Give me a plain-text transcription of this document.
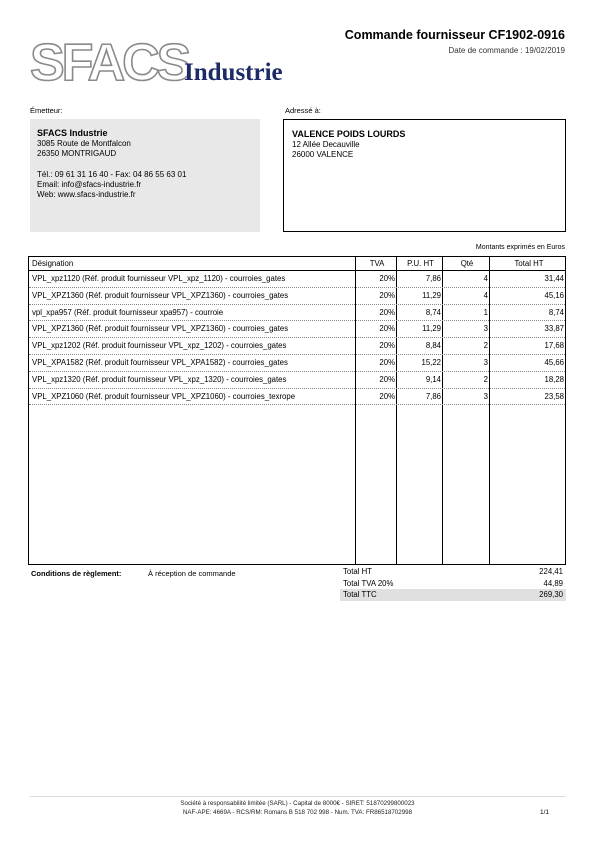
SFACS
Industrie
Commande fournisseur CF1902-0916
Date de commande : 19/02/2019
Émetteur:	Adressé à:
SFACS Industrie
3085 Route de Montfalcon
26350 MONTRIGAUD
Tél.: 09 61 31 16 40 - Fax: 04 86 55 63 01
Email: info@sfacs-industrie.fr
Web: www.sfacs-industrie.fr
VALENCE POIDS LOURDS
12 Allée Decauville
26000 VALENCE
Montants exprimés en Euros
Désignation	TVA	P.U. HT	Qté	Total HT
VPL_xpz1120 (Réf. produit fournisseur VPL_xpz_1120) - courroies_gates	20%	7,86	4	31,44
VPL_XPZ1360 (Réf. produit fournisseur VPL_XPZ1360) - courroies_gates	20%	11,29	4	45,16
vpl_xpa957 (Réf. produit fournisseur xpa957) - courroie	20%	8,74	1	8,74
VPL_XPZ1360 (Réf. produit fournisseur VPL_XPZ1360) - courroies_gates	20%	11,29	3	33,87
VPL_xpz1202 (Réf. produit fournisseur VPL_xpz_1202) - courroies_gates	20%	8,84	2	17,68
VPL_XPA1582 (Réf. produit fournisseur VPL_XPA1582) - courroies_gates	20%	15,22	3	45,66
VPL_xpz1320 (Réf. produit fournisseur VPL_xpz_1320) - courroies_gates	20%	9,14	2	18,28
VPL_XPZ1060 (Réf. produit fournisseur VPL_XPZ1060) - courroies_texrope	20%	7,86	3	23,58
Conditions de règlement:	À réception de commande	Total HT	224,41
Total TVA 20%	44,89
Total TTC	269,30
Société à responsabilité limitée (SARL) - Capital de 8000€ - SIRET: 51870299800023
NAF-APE: 4669A - RCS/RM: Romans B 518 702 998 - Num. TVA: FR86518702998	1/1
